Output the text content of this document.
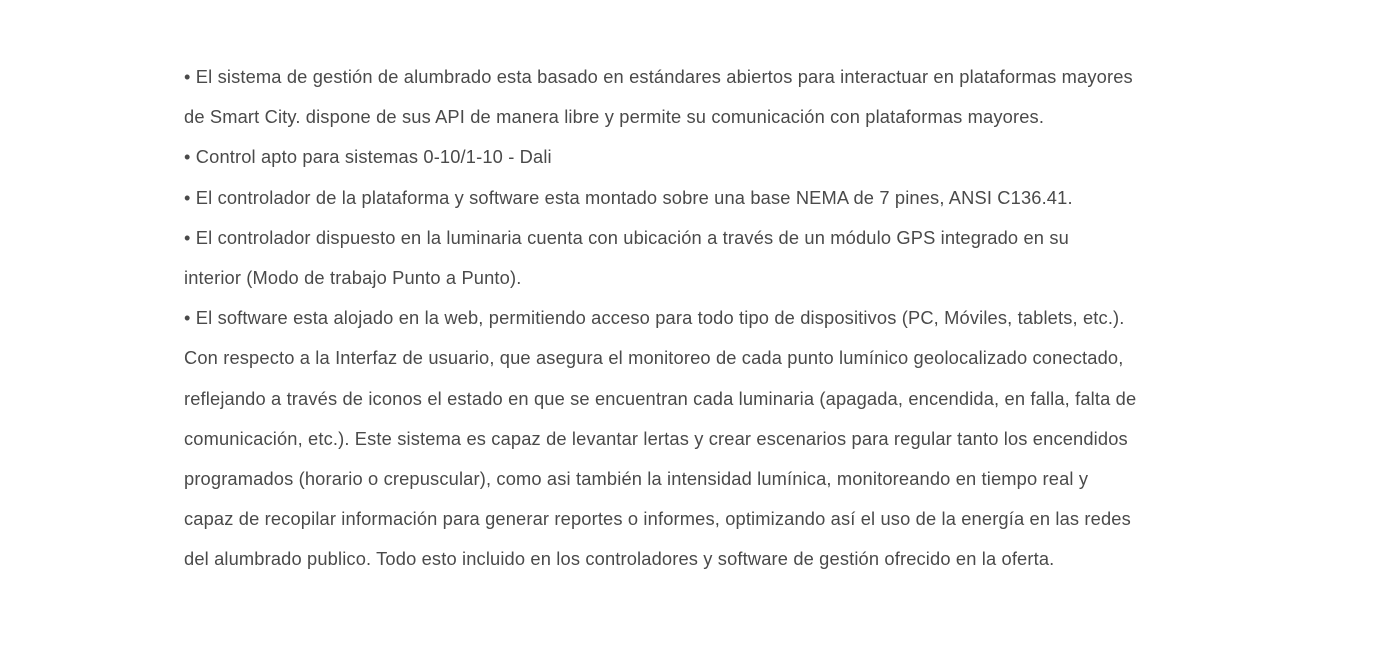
• El sistema de gestión de alumbrado esta basado en estándares abiertos para interactuar en plataformas mayores
de Smart City. dispone de sus API de manera libre y permite su comunicación con plataformas mayores.
• Control apto para sistemas 0-10/1-10 - Dali
• El controlador de la plataforma y software esta montado sobre una base NEMA de 7 pines, ANSI C136.41.
• El controlador dispuesto en la luminaria cuenta con ubicación a través de un módulo GPS integrado en su
interior (Modo de trabajo Punto a Punto).
• El software esta alojado en la web, permitiendo acceso para todo tipo de dispositivos (PC, Móviles, tablets, etc.).
Con respecto a la Interfaz de usuario, que asegura el monitoreo de cada punto lumínico geolocalizado conectado,
reflejando a través de iconos el estado en que se encuentran cada luminaria (apagada, encendida, en falla, falta de
comunicación, etc.). Este sistema es capaz de levantar lertas y crear escenarios para regular tanto los encendidos
programados (horario o crepuscular), como asi también la intensidad lumínica, monitoreando en tiempo real y
capaz de recopilar información para generar reportes o informes, optimizando así el uso de la energía en las redes
del alumbrado publico. Todo esto incluido en los controladores y software de gestión ofrecido en la oferta.
